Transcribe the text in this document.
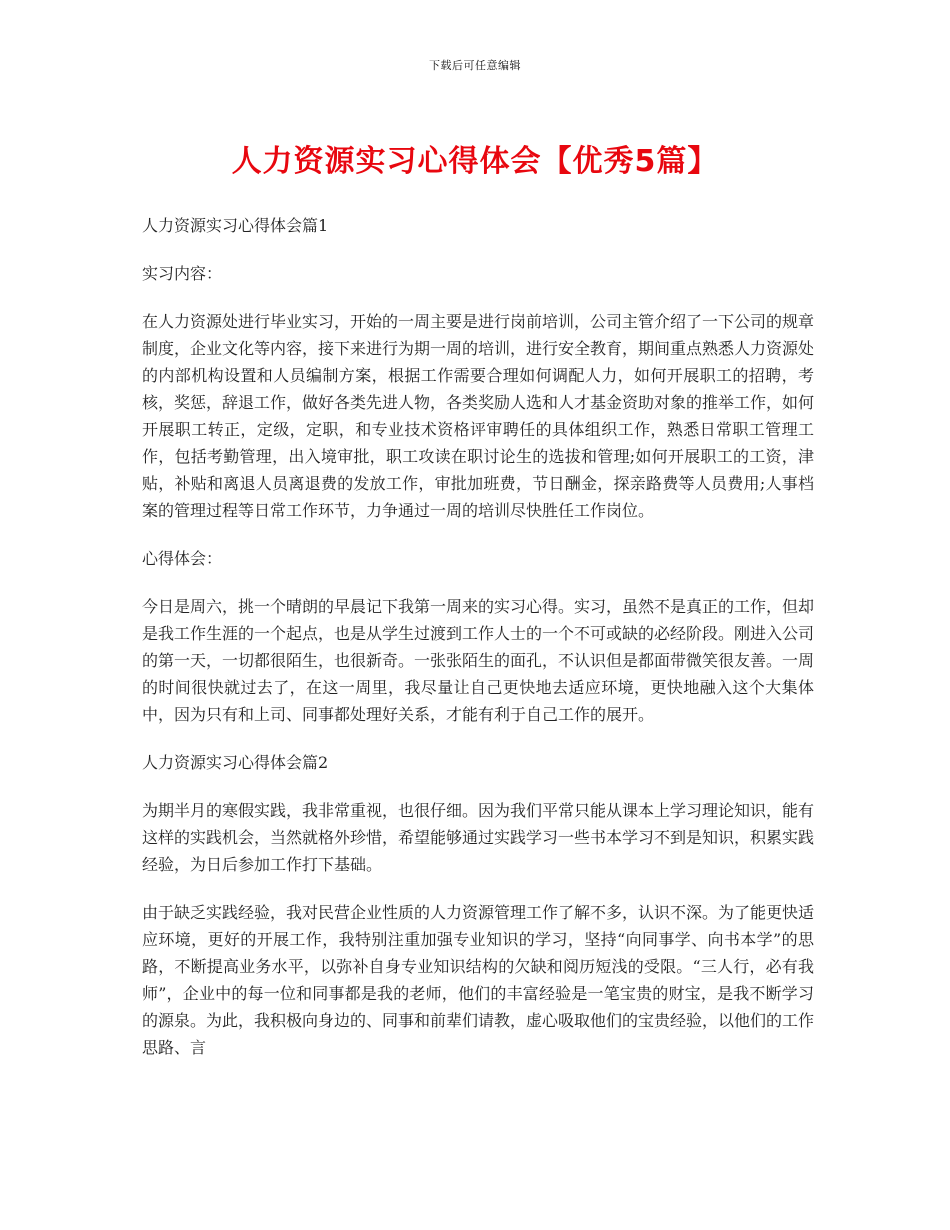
下载后可任意编辑
人力资源实习心得体会【优秀5篇】

人力资源实习心得体会篇1

实习内容：

在人力资源处进行毕业实习，开始的一周主要是进行岗前培训，公司主管介绍了一下公司的规章制度，企业文化等内容，接下来进行为期一周的培训，进行安全教育，期间重点熟悉人力资源处的内部机构设置和人员编制方案，根据工作需要合理如何调配人力，如何开展职工的招聘，考核，奖惩，辞退工作，做好各类先进人物，各类奖励人选和人才基金资助对象的推举工作，如何开展职工转正，定级，定职，和专业技术资格评审聘任的具体组织工作，熟悉日常职工管理工作，包括考勤管理，出入境审批，职工攻读在职讨论生的选拔和管理;如何开展职工的工资，津贴，补贴和离退人员离退费的发放工作，审批加班费，节日酬金，探亲路费等人员费用;人事档案的管理过程等日常工作环节，力争通过一周的培训尽快胜任工作岗位。

心得体会：

今日是周六，挑一个晴朗的早晨记下我第一周来的实习心得。实习，虽然不是真正的工作，但却是我工作生涯的一个起点，也是从学生过渡到工作人士的一个不可或缺的必经阶段。刚进入公司的第一天，一切都很陌生，也很新奇。一张张陌生的面孔，不认识但是都面带微笑很友善。一周的时间很快就过去了，在这一周里，我尽量让自己更快地去适应环境，更快地融入这个大集体中，因为只有和上司、同事都处理好关系，才能有利于自己工作的展开。

人力资源实习心得体会篇2

为期半月的寒假实践，我非常重视，也很仔细。因为我们平常只能从课本上学习理论知识，能有这样的实践机会，当然就格外珍惜，希望能够通过实践学习一些书本学习不到是知识，积累实践经验，为日后参加工作打下基础。

由于缺乏实践经验，我对民营企业性质的人力资源管理工作了解不多，认识不深。为了能更快适应环境，更好的开展工作，我特别注重加强专业知识的学习，坚持“向同事学、向书本学”的思路，不断提高业务水平，以弥补自身专业知识结构的欠缺和阅历短浅的受限。“三人行，必有我师”，企业中的每一位和同事都是我的老师，他们的丰富经验是一笔宝贵的财宝，是我不断学习的源泉。为此，我积极向身边的、同事和前辈们请教，虚心吸取他们的宝贵经验，以他们的工作思路、言
